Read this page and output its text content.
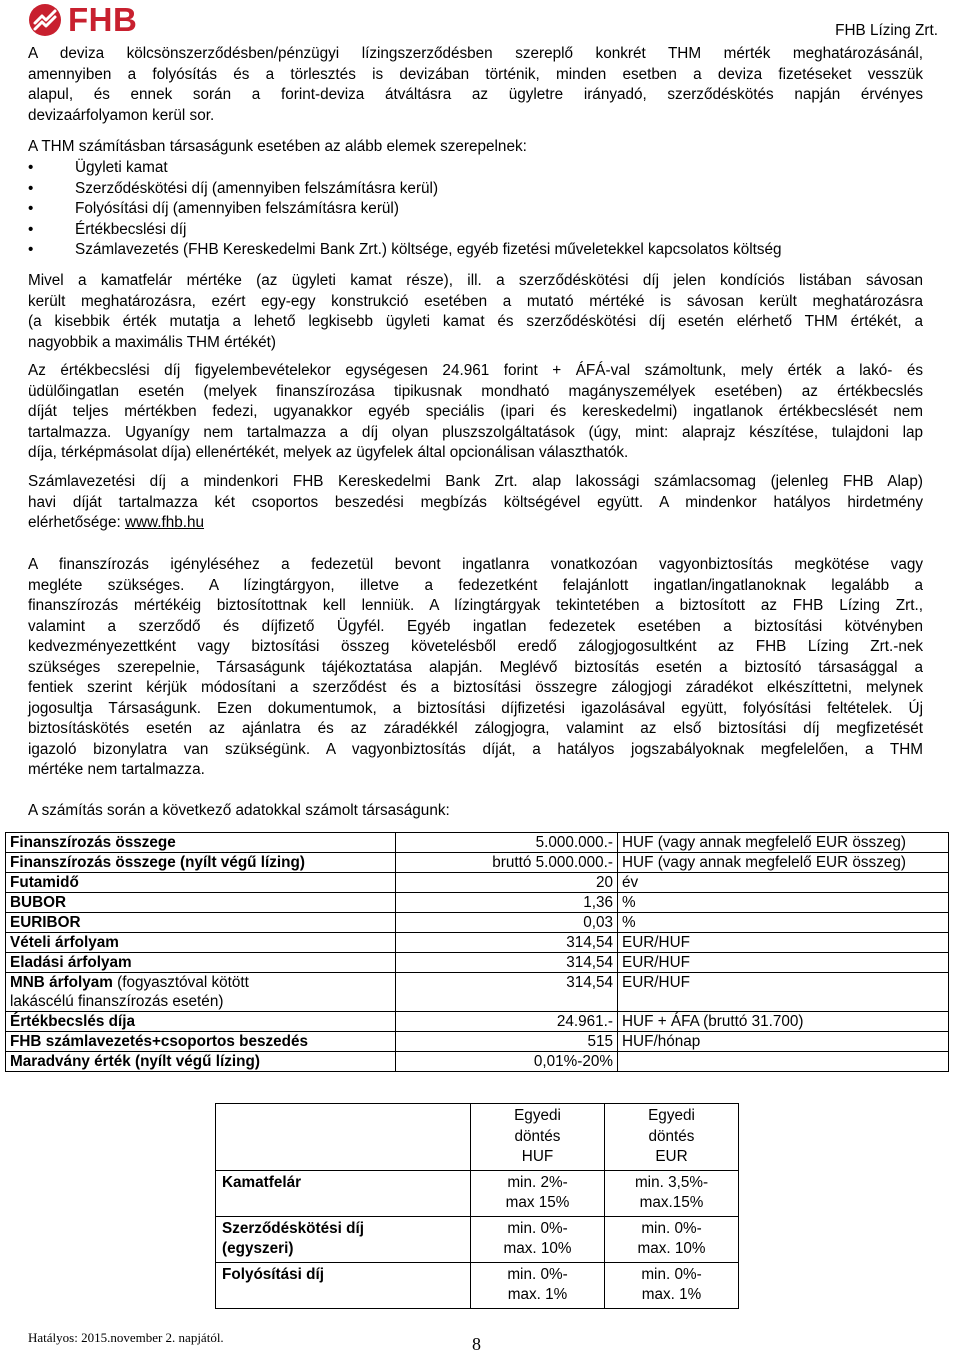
FHB	FHB Lízing Zrt.
A deviza kölcsönszerződésben/pénzügyi lízingszerződésben szereplő konkrét THM mérték meghatározásánál,
amennyiben a folyósítás és a törlesztés is devizában történik, minden esetben a deviza fizetéseket vesszük
alapul, és ennek során a forint-deviza átváltásra az ügyletre irányadó, szerződéskötés napján érvényes
devizaárfolyamon kerül sor.
A THM számításban társaságunk esetében az alább elemek szerepelnek:
•	Ügyleti kamat
•	Szerződéskötési díj (amennyiben felszámításra kerül)
•	Folyósítási díj (amennyiben felszámításra kerül)
•	Értékbecslési díj
•	Számlavezetés (FHB Kereskedelmi Bank Zrt.) költsége, egyéb fizetési műveletekkel kapcsolatos költség
Mivel a kamatfelár mértéke (az ügyleti kamat része), ill. a szerződéskötési díj jelen kondíciós listában sávosan
került meghatározásra, ezért egy-egy konstrukció esetében a mutató mértéké is sávosan került meghatározásra
(a kisebbik érték mutatja a lehető legkisebb ügyleti kamat és szerződéskötési díj esetén elérhető THM értékét, a
nagyobbik a maximális THM értékét)
Az értékbecslési díj figyelembevételekor egységesen 24.961 forint + ÁFÁ-val számoltunk, mely érték a lakó- és
üdülőingatlan esetén (melyek finanszírozása tipikusnak mondható magányszemélyek esetében) az értékbecslés
díját teljes mértékben fedezi, ugyanakkor egyéb speciális (ipari és kereskedelmi) ingatlanok értékbecslését nem
tartalmazza. Ugyanígy nem tartalmazza a díj olyan pluszszolgáltatások (úgy, mint: alaprajz készítése, tulajdoni lap
díja, térképmásolat díja) ellenértékét, melyek az ügyfelek által opcionálisan választhatók.
Számlavezetési díj a mindenkori FHB Kereskedelmi Bank Zrt. alap lakossági számlacsomag (jelenleg FHB Alap)
havi díját tartalmazza két csoportos beszedési megbízás költségével együtt. A mindenkor hatályos hirdetmény
elérhetősége: www.fhb.hu
A finanszírozás igényléséhez a fedezetül bevont ingatlanra vonatkozóan vagyonbiztosítás megkötése vagy
megléte szükséges. A lízingtárgyon, illetve a fedezetként felajánlott ingatlan/ingatlanoknak legalább a
finanszírozás mértékéig biztosítottnak kell lenniük. A lízingtárgyak tekintetében a biztosított az FHB Lízing Zrt.,
valamint a szerződő és díjfizető Ügyfél. Egyéb ingatlan fedezetek esetében a biztosítási kötvényben
kedvezményezettként vagy biztosítási összeg követelésből eredő zálogjogosultként az FHB Lízing Zrt.-nek
szükséges szerepelnie, Társaságunk tájékoztatása alapján. Meglévő biztosítás esetén a biztosító társasággal a
fentiek szerint kérjük módosítani a szerződést és a biztosítási összegre zálogjogi záradékot elkészíttetni, melynek
jogosultja Társaságunk. Ezen dokumentumok, a biztosítási díjfizetési igazolásával együtt, folyósítási feltételek. Új
biztosításkötés esetén az ajánlatra és az záradékkél zálogjogra, valamint az első biztosítási díj megfizetését
igazoló bizonylatra van szükségünk. A vagyonbiztosítás díját, a hatályos jogszabályoknak megfelelően, a THM
mértéke nem tartalmazza.
A számítás során a következő adatokkal számolt társaságunk:
Finanszírozás összege	5.000.000.-	HUF (vagy annak megfelelő EUR összeg)
Finanszírozás összege (nyílt végű lízing)	bruttó 5.000.000.-	HUF (vagy annak megfelelő EUR összeg)
Futamidő	20	év
BUBOR	1,36	%
EURIBOR	0,03	%
Vételi árfolyam	314,54	EUR/HUF
Eladási árfolyam	314,54	EUR/HUF
MNB árfolyam (fogyasztóval kötött
lakáscélú finanszírozás esetén)	314,54	EUR/HUF
Értékbecslés díja	24.961.-	HUF + ÁFA (bruttó 31.700)
FHB számlavezetés+csoportos beszedés	515	HUF/hónap
Maradvány érték (nyílt végű lízing)	0,01%-20%	
	Egyedi
döntés
HUF	Egyedi
döntés
EUR
Kamatfelár	min. 2%-
max 15%	min. 3,5%-
max.15%
Szerződéskötési díj
(egyszeri)	min. 0%-
max. 10%	min. 0%-
max. 10%
Folyósítási díj	min. 0%-
max. 1%	min. 0%-
max. 1%
Hatályos: 2015.november 2. napjától.	8
